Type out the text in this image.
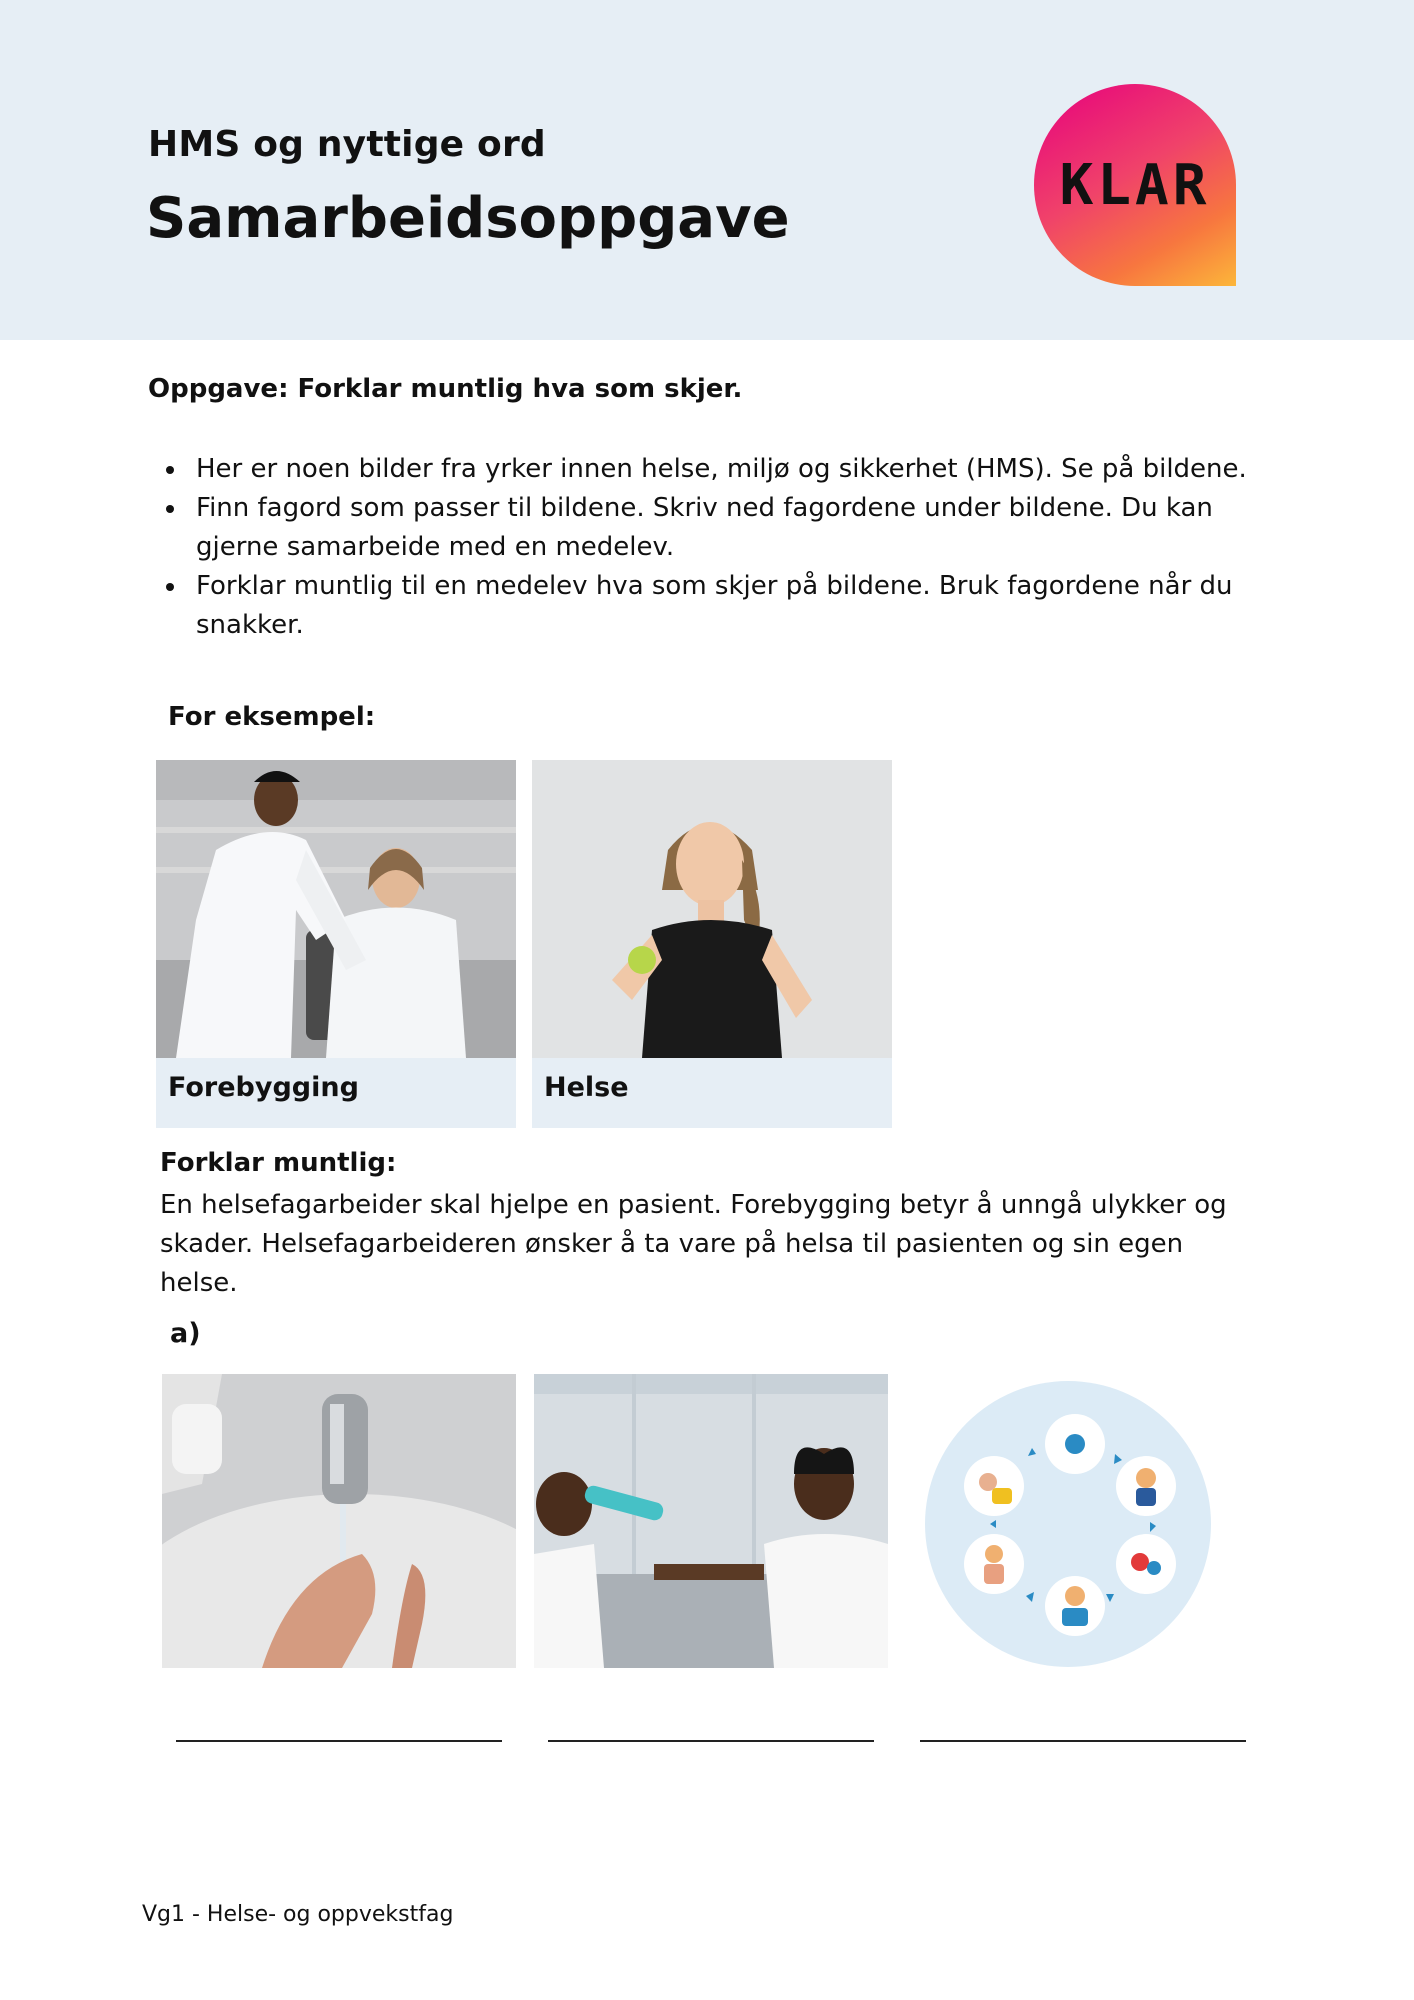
HMS og nyttige ord
Samarbeidsoppgave
KLAR
Oppgave: Forklar muntlig hva som skjer.
Her er noen bilder fra yrker innen helse, miljø og sikkerhet (HMS). Se på bildene.
Finn fagord som passer til bildene. Skriv ned fagordene under bildene. Du kan gjerne samarbeide med en medelev.
Forklar muntlig til en medelev hva som skjer på bildene. Bruk fagordene når du snakker.
For eksempel:
Forebygging	Helse
Forklar muntlig:
En helsefagarbeider skal hjelpe en pasient. Forebygging betyr å unngå ulykker og skader. Helsefagarbeideren ønsker å ta vare på helsa til pasienten og sin egen helse.
a)
Vg1 - Helse- og oppvekstfag
